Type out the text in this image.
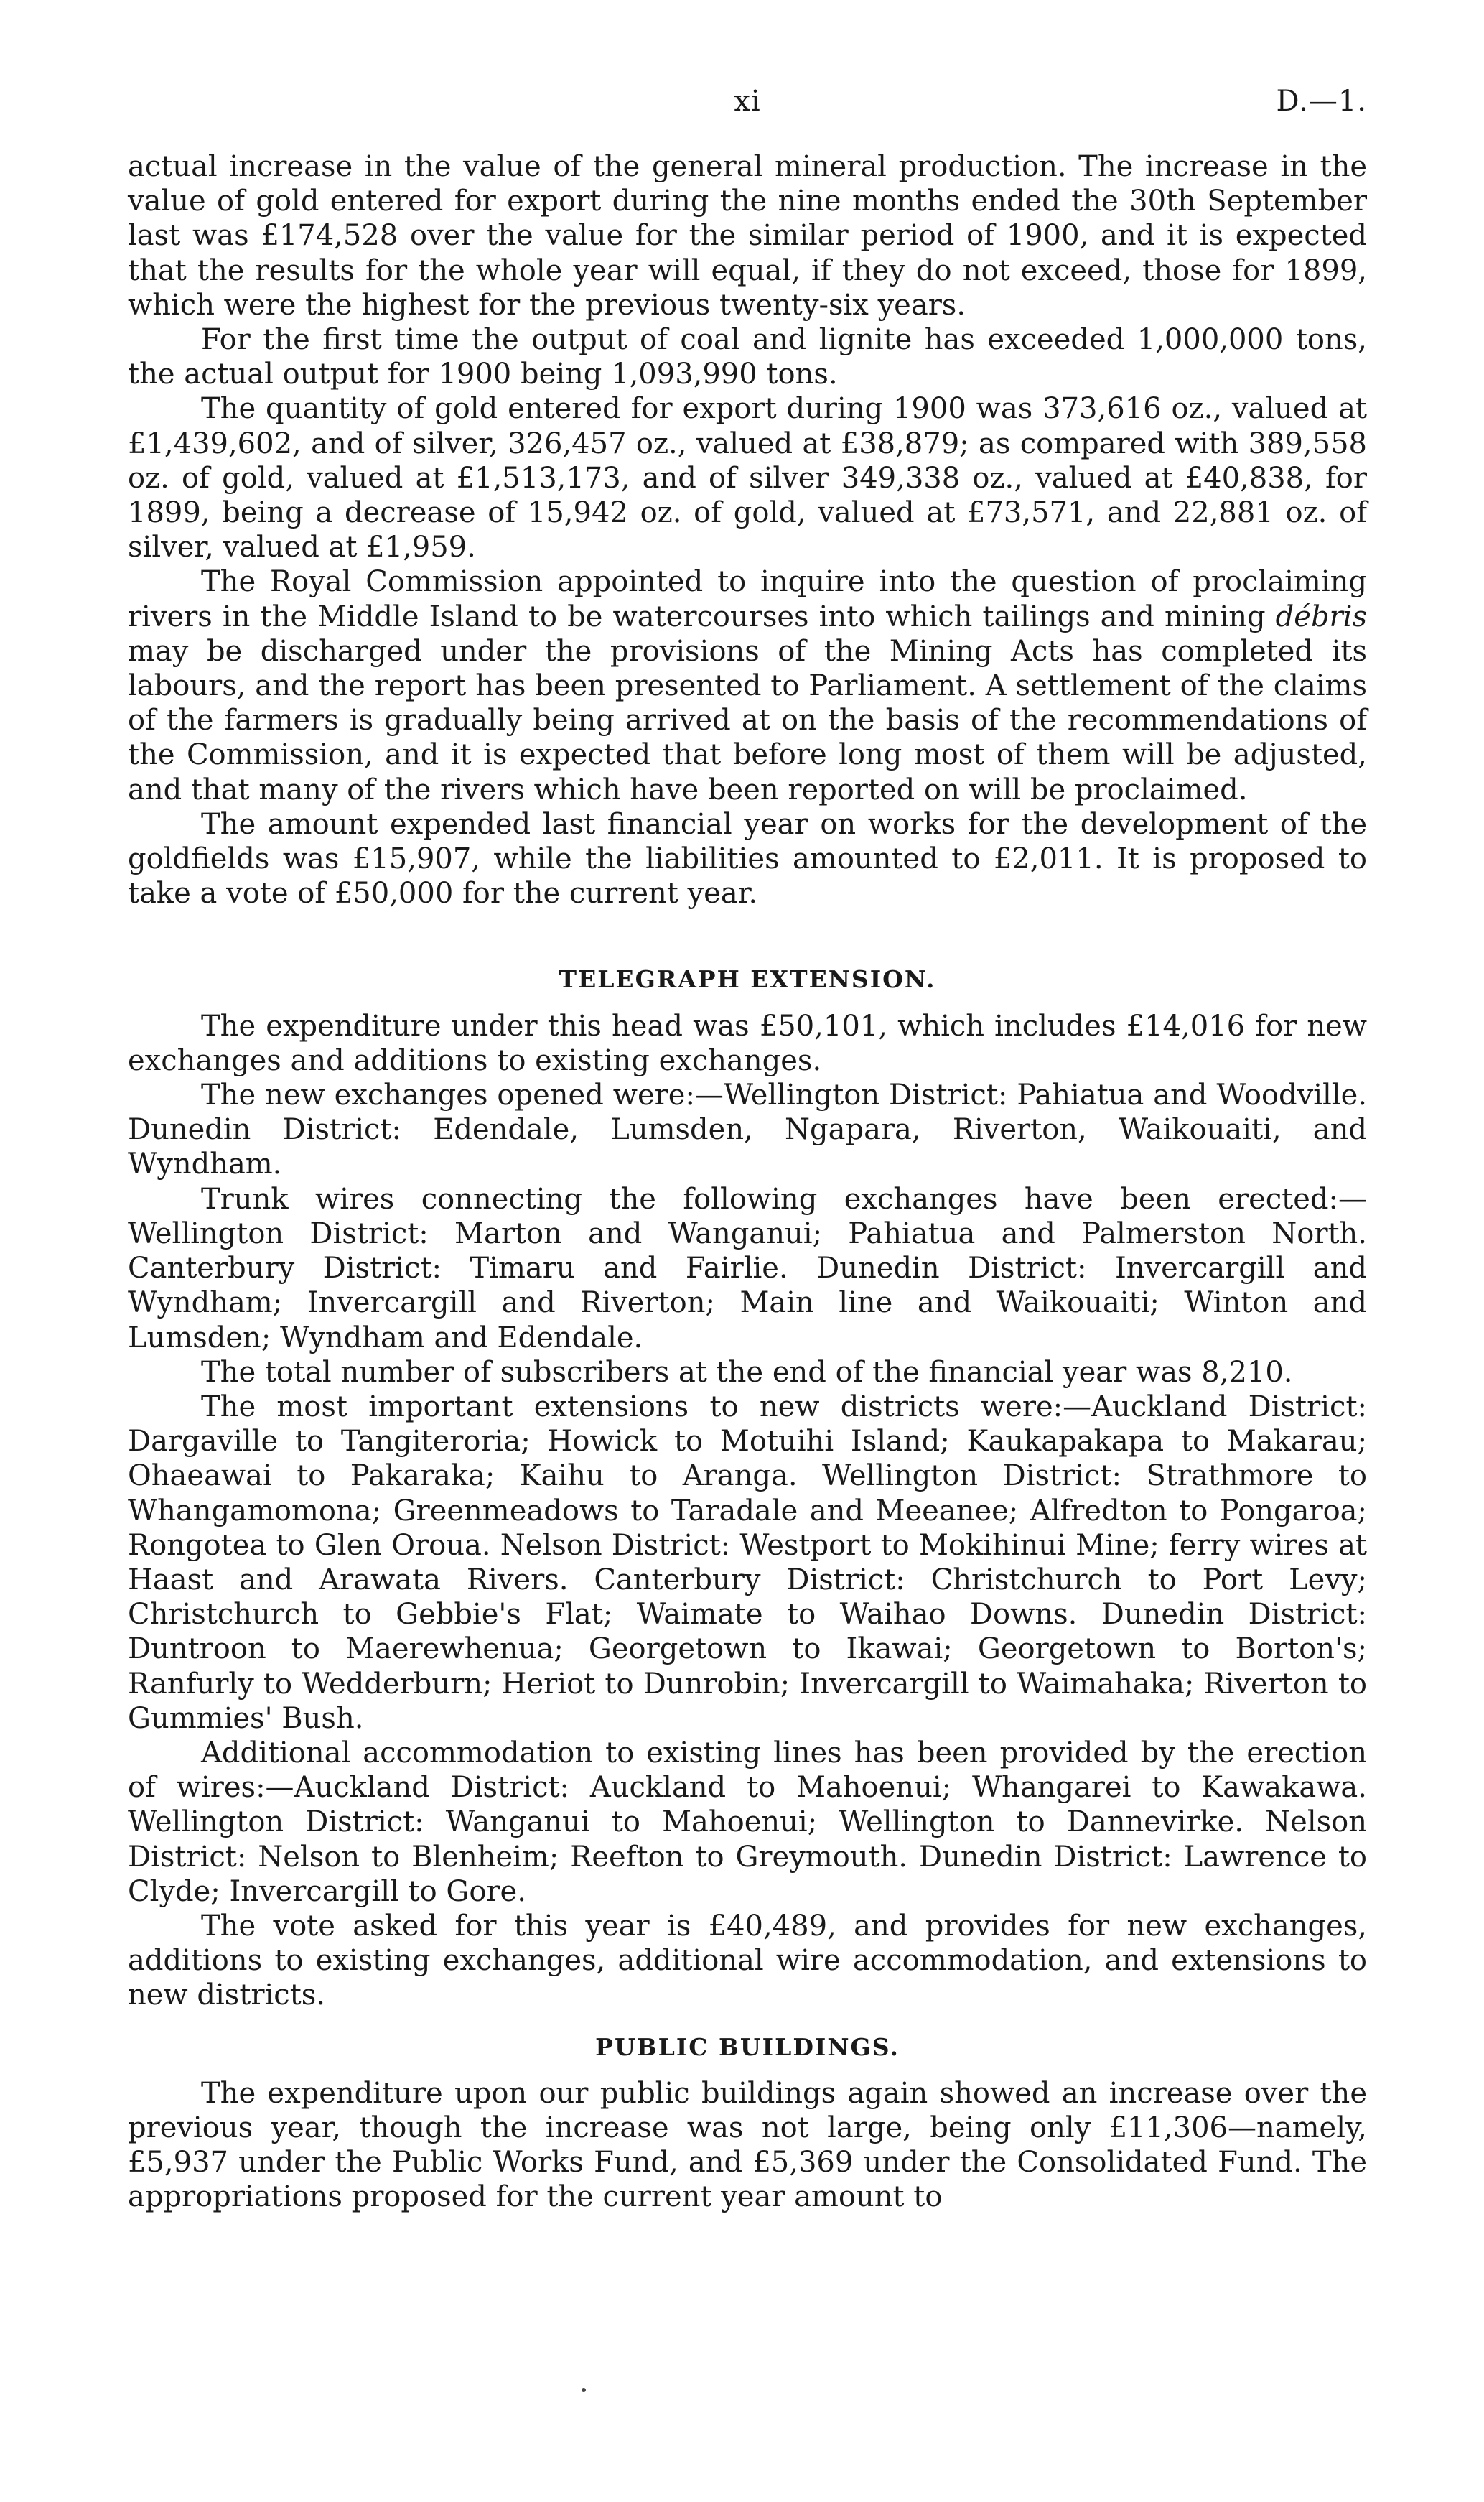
xi	D.—1.

actual increase in the value of the general mineral production. The increase in the value of gold entered for export during the nine months ended the 30th September last was £174,528 over the value for the similar period of 1900, and it is expected that the results for the whole year will equal, if they do not exceed, those for 1899, which were the highest for the previous twenty-six years.

For the first time the output of coal and lignite has exceeded 1,000,000 tons, the actual output for 1900 being 1,093,990 tons.

The quantity of gold entered for export during 1900 was 373,616 oz., valued at £1,439,602, and of silver, 326,457 oz., valued at £38,879; as compared with 389,558 oz. of gold, valued at £1,513,173, and of silver 349,338 oz., valued at £40,838, for 1899, being a decrease of 15,942 oz. of gold, valued at £73,571, and 22,881 oz. of silver, valued at £1,959.

The Royal Commission appointed to inquire into the question of proclaiming rivers in the Middle Island to be watercourses into which tailings and mining débris may be discharged under the provisions of the Mining Acts has completed its labours, and the report has been presented to Parliament. A settlement of the claims of the farmers is gradually being arrived at on the basis of the recommendations of the Commission, and it is expected that before long most of them will be adjusted, and that many of the rivers which have been reported on will be proclaimed.

The amount expended last financial year on works for the development of the goldfields was £15,907, while the liabilities amounted to £2,011. It is proposed to take a vote of £50,000 for the current year.

TELEGRAPH EXTENSION.

The expenditure under this head was £50,101, which includes £14,016 for new exchanges and additions to existing exchanges.

The new exchanges opened were:—Wellington District: Pahiatua and Woodville. Dunedin District: Edendale, Lumsden, Ngapara, Riverton, Waikouaiti, and Wyndham.

Trunk wires connecting the following exchanges have been erected:—Wellington District: Marton and Wanganui; Pahiatua and Palmerston North. Canterbury District: Timaru and Fairlie. Dunedin District: Invercargill and Wyndham; Invercargill and Riverton; Main line and Waikouaiti; Winton and Lumsden; Wyndham and Edendale.

The total number of subscribers at the end of the financial year was 8,210.

The most important extensions to new districts were:—Auckland District: Dargaville to Tangiteroria; Howick to Motuihi Island; Kaukapakapa to Makarau; Ohaeawai to Pakaraka; Kaihu to Aranga. Wellington District: Strathmore to Whangamomona; Greenmeadows to Taradale and Meeanee; Alfredton to Pongaroa; Rongotea to Glen Oroua. Nelson District: Westport to Mokihinui Mine; ferry wires at Haast and Arawata Rivers. Canterbury District: Christchurch to Port Levy; Christchurch to Gebbie's Flat; Waimate to Waihao Downs. Dunedin District: Duntroon to Maerewhenua; Georgetown to Ikawai; Georgetown to Borton's; Ranfurly to Wedderburn; Heriot to Dunrobin; Invercargill to Waimahaka; Riverton to Gummies' Bush.

Additional accommodation to existing lines has been provided by the erection of wires:—Auckland District: Auckland to Mahoenui; Whangarei to Kawakawa. Wellington District: Wanganui to Mahoenui; Wellington to Dannevirke. Nelson District: Nelson to Blenheim; Reefton to Greymouth. Dunedin District: Lawrence to Clyde; Invercargill to Gore.

The vote asked for this year is £40,489, and provides for new exchanges, additions to existing exchanges, additional wire accommodation, and extensions to new districts.

PUBLIC BUILDINGS.

The expenditure upon our public buildings again showed an increase over the previous year, though the increase was not large, being only £11,306—namely, £5,937 under the Public Works Fund, and £5,369 under the Consolidated Fund. The appropriations proposed for the current year amount to
